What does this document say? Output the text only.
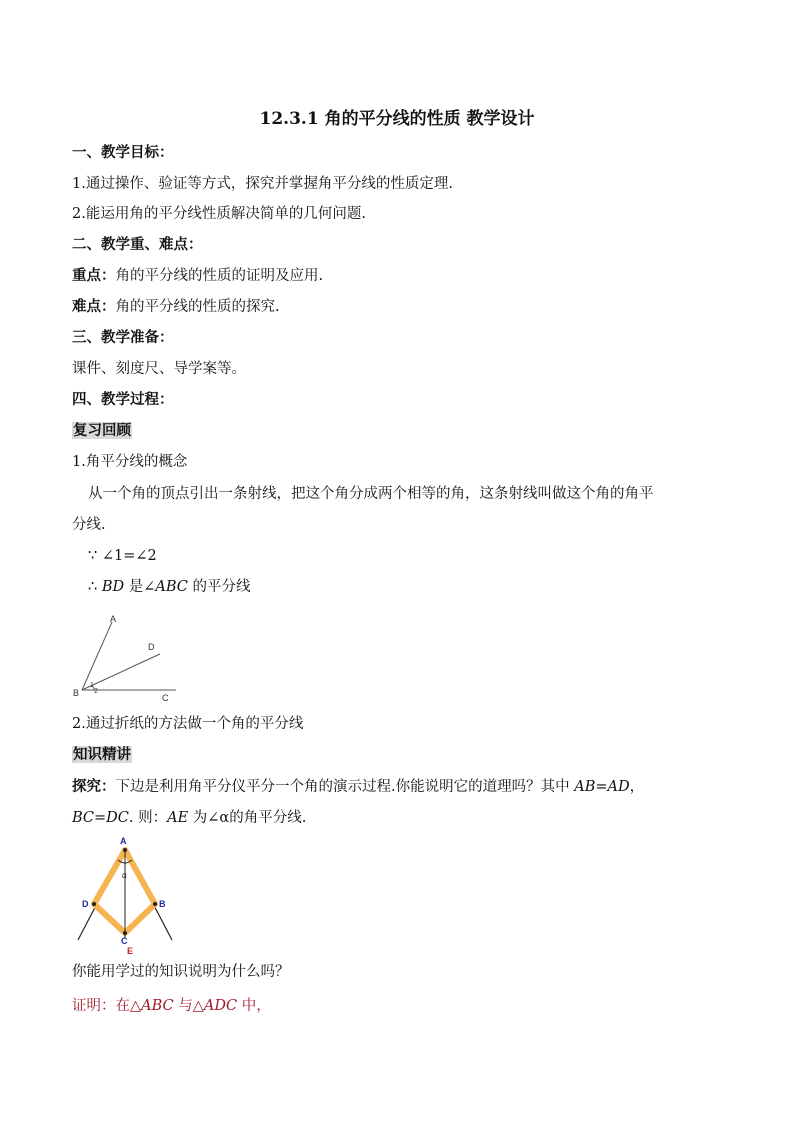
12.3.1 角的平分线的性质 教学设计
一、教学目标：
1.通过操作、验证等方式，探究并掌握角平分线的性质定理.
2.能运用角的平分线性质解决简单的几何问题.
二、教学重、难点：
重点：角的平分线的性质的证明及应用.
难点：角的平分线的性质的探究.
三、教学准备：
课件、刻度尺、导学案等。
四、教学过程：
复习回顾
1.角平分线的概念
从一个角的顶点引出一条射线，把这个角分成两个相等的角，这条射线叫做这个角的角平
分线.
∵ ∠1=∠2
∴ BD 是∠ABC 的平分线
A
B	C
D
1
2
2.通过折纸的方法做一个角的平分线
知识精讲
探究：下边是利用角平分仪平分一个角的演示过程.你能说明它的道理吗？其中 AB=AD，
BC=DC. 则：AE 为∠α的角平分线.
A
D	B
C
E
α
你能用学过的知识说明为什么吗？
证明：在△ABC 与△ADC 中，
